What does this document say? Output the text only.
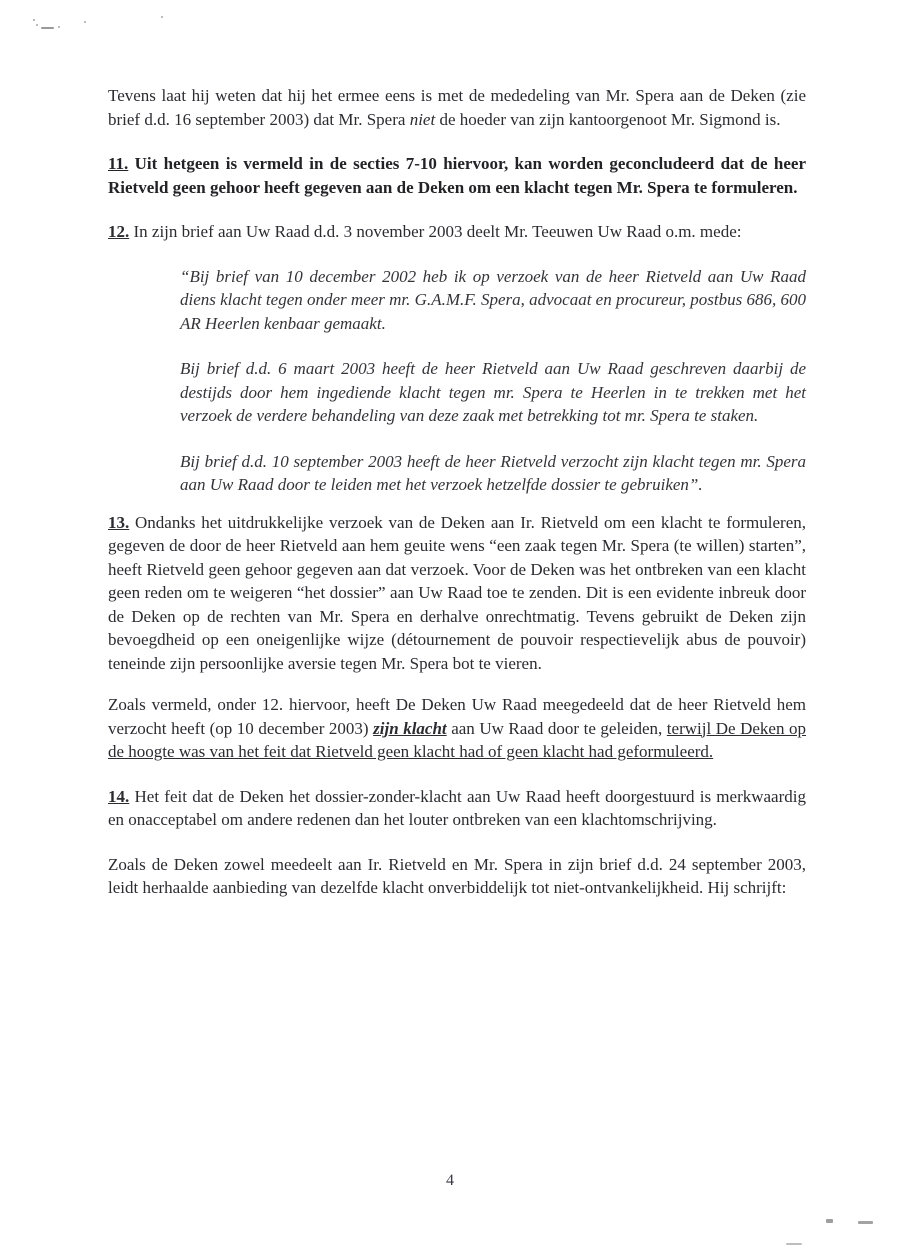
Tevens laat hij weten dat hij het ermee eens is met de mededeling van Mr. Spera aan de Deken (zie brief d.d. 16 september 2003) dat Mr. Spera niet de hoeder van zijn kantoorgenoot Mr. Sigmond is.

11. Uit hetgeen is vermeld in de secties 7-10 hiervoor, kan worden geconcludeerd dat de heer Rietveld geen gehoor heeft gegeven aan de Deken om een klacht tegen Mr. Spera te formuleren.

12. In zijn brief aan Uw Raad d.d. 3 november 2003 deelt Mr. Teeuwen Uw Raad o.m. mede:

“Bij brief van 10 december 2002 heb ik op verzoek van de heer Rietveld aan Uw Raad diens klacht tegen onder meer mr. G.A.M.F. Spera, advocaat en procureur, postbus 686, 600 AR Heerlen kenbaar gemaakt.

Bij brief d.d. 6 maart 2003 heeft de heer Rietveld aan Uw Raad geschreven daarbij de destijds door hem ingediende klacht tegen mr. Spera te Heerlen in te trekken met het verzoek de verdere behandeling van deze zaak met betrekking tot mr. Spera te staken.

Bij brief d.d. 10 september 2003 heeft de heer Rietveld verzocht zijn klacht tegen mr. Spera aan Uw Raad door te leiden met het verzoek hetzelfde dossier te gebruiken”.

13. Ondanks het uitdrukkelijke verzoek van de Deken aan Ir. Rietveld om een klacht te formuleren, gegeven de door de heer Rietveld aan hem geuite wens “een zaak tegen Mr. Spera (te willen) starten”, heeft Rietveld geen gehoor gegeven aan dat verzoek. Voor de Deken was het ontbreken van een klacht geen reden om te weigeren “het dossier” aan Uw Raad toe te zenden. Dit is een evidente inbreuk door de Deken op de rechten van Mr. Spera en derhalve onrechtmatig. Tevens gebruikt de Deken zijn bevoegdheid op een oneigenlijke wijze (détournement de pouvoir respectievelijk abus de pouvoir) teneinde zijn persoonlijke aversie tegen Mr. Spera bot te vieren.

Zoals vermeld, onder 12. hiervoor, heeft De Deken Uw Raad meegedeeld dat de heer Rietveld hem verzocht heeft (op 10 december 2003) zijn klacht aan Uw Raad door te geleiden, terwijl De Deken op de hoogte was van het feit dat Rietveld geen klacht had of geen klacht had geformuleerd.

14. Het feit dat de Deken het dossier-zonder-klacht aan Uw Raad heeft doorgestuurd is merkwaardig en onacceptabel om andere redenen dan het louter ontbreken van een klachtomschrijving.

Zoals de Deken zowel meedeelt aan Ir. Rietveld en Mr. Spera in zijn brief d.d. 24 september 2003, leidt herhaalde aanbieding van dezelfde klacht onverbiddelijk tot niet-ontvankelijkheid. Hij schrijft:

4
